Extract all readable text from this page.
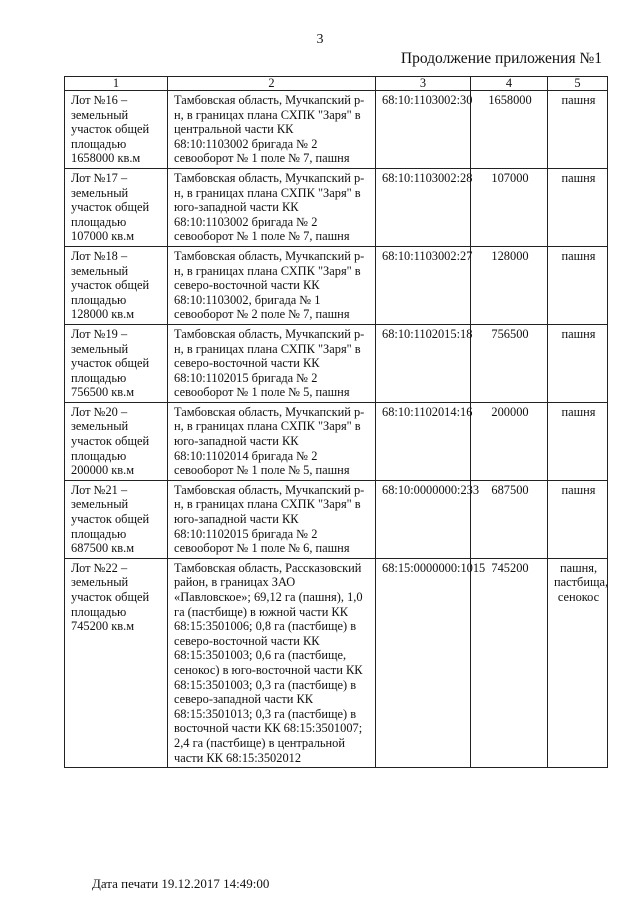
3
Продолжение приложения №1
1	2	3	4	5
Лот №16 – земельный участок общей площадью 1658000 кв.м	Тамбовская область, Мучкапский р-н, в границах плана СХПК "Заря" в центральной части КК 68:10:1103002 бригада № 2 севооборот № 1 поле № 7, пашня	68:10:1103002:30	1658000	пашня
Лот №17 – земельный участок общей площадью 107000 кв.м	Тамбовская область, Мучкапский р-н, в границах плана СХПК "Заря" в юго-западной части КК 68:10:1103002 бригада № 2 севооборот № 1 поле № 7, пашня	68:10:1103002:28	107000	пашня
Лот №18 – земельный участок общей площадью 128000 кв.м	Тамбовская область, Мучкапский р-н, в границах плана СХПК "Заря" в северо-восточной части КК 68:10:1103002, бригада № 1 севооборот № 2 поле № 7, пашня	68:10:1103002:27	128000	пашня
Лот №19 – земельный участок общей площадью 756500 кв.м	Тамбовская область, Мучкапский р-н, в границах плана СХПК "Заря" в северо-восточной части КК 68:10:1102015 бригада № 2 севооборот № 1 поле № 5, пашня	68:10:1102015:18	756500	пашня
Лот №20 – земельный участок общей площадью 200000 кв.м	Тамбовская область, Мучкапский р-н, в границах плана СХПК "Заря" в юго-западной части КК 68:10:1102014 бригада № 2 севооборот № 1 поле № 5, пашня	68:10:1102014:16	200000	пашня
Лот №21 – земельный участок общей площадью 687500 кв.м	Тамбовская область, Мучкапский р-н, в границах плана СХПК "Заря" в юго-западной части КК 68:10:1102015 бригада № 2 севооборот № 1 поле № 6, пашня	68:10:0000000:233	687500	пашня
Лот №22 – земельный участок общей площадью 745200 кв.м	Тамбовская область, Рассказовский район, в границах ЗАО «Павловское»; 69,12 га (пашня), 1,0 га (пастбище) в южной части КК 68:15:3501006; 0,8 га (пастбище) в северо-восточной части КК 68:15:3501003; 0,6 га (пастбище, сенокос) в юго-восточной части КК 68:15:3501003; 0,3 га (пастбище) в северо-западной части КК 68:15:3501013; 0,3 га (пастбище) в восточной части КК 68:15:3501007; 2,4 га (пастбище) в центральной части КК 68:15:3502012	68:15:0000000:1015	745200	пашня, пастбища, сенокос
Дата печати 19.12.2017 14:49:00
